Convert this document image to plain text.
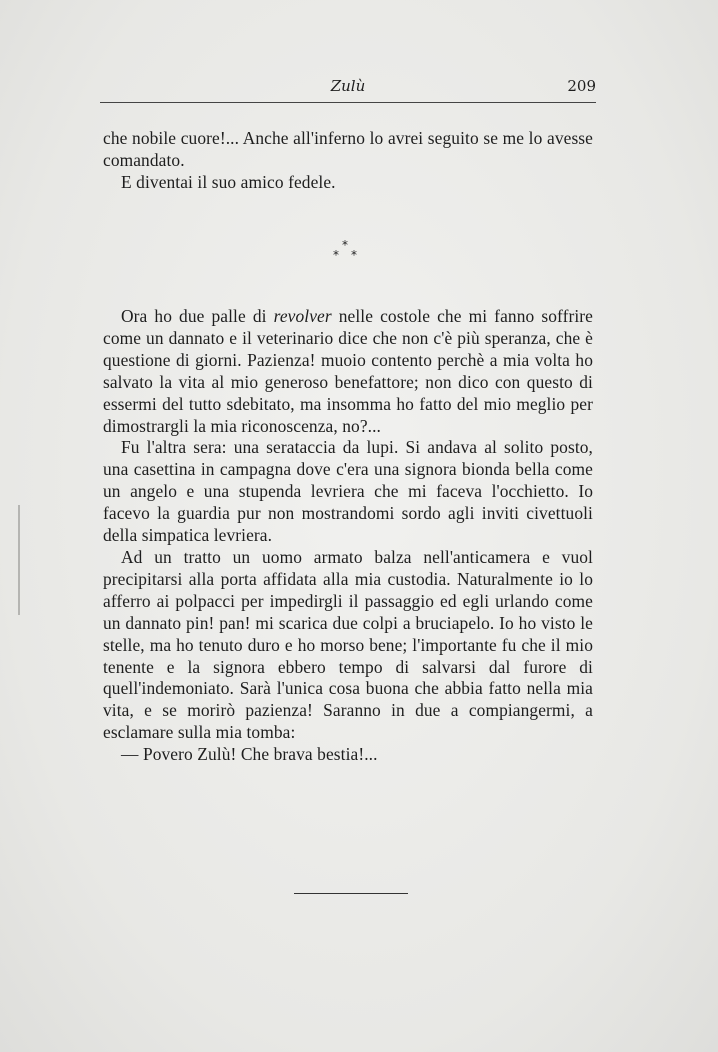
Zulù	209

che nobile cuore!... Anche all'inferno lo avrei seguito se me lo avesse comandato.

E diventai il suo amico fedele.

*
* *

Ora ho due palle di revolver nelle costole che mi fanno soffrire come un dannato e il veterinario dice che non c'è più speranza, che è questione di giorni. Pazienza! muoio contento perchè a mia volta ho salvato la vita al mio generoso benefattore; non dico con questo di essermi del tutto sdebitato, ma insomma ho fatto del mio meglio per dimostrargli la mia riconoscenza, no?...

Fu l'altra sera: una serataccia da lupi. Si andava al solito posto, una casettina in campagna dove c'era una signora bionda bella come un angelo e una stupenda levriera che mi faceva l'occhietto. Io facevo la guardia pur non mostrandomi sordo agli inviti civettuoli della simpatica levriera.

Ad un tratto un uomo armato balza nell'anticamera e vuol precipitarsi alla porta affidata alla mia custodia. Naturalmente io lo afferro ai polpacci per impedirgli il passaggio ed egli urlando come un dannato pin! pan! mi scarica due colpi a bruciapelo. Io ho visto le stelle, ma ho tenuto duro e ho morso bene; l'importante fu che il mio tenente e la signora ebbero tempo di salvarsi dal furore di quell'indemoniato. Sarà l'unica cosa buona che abbia fatto nella mia vita, e se morirò pazienza! Saranno in due a compiangermi, a esclamare sulla mia tomba:

— Povero Zulù! Che brava bestia!...
